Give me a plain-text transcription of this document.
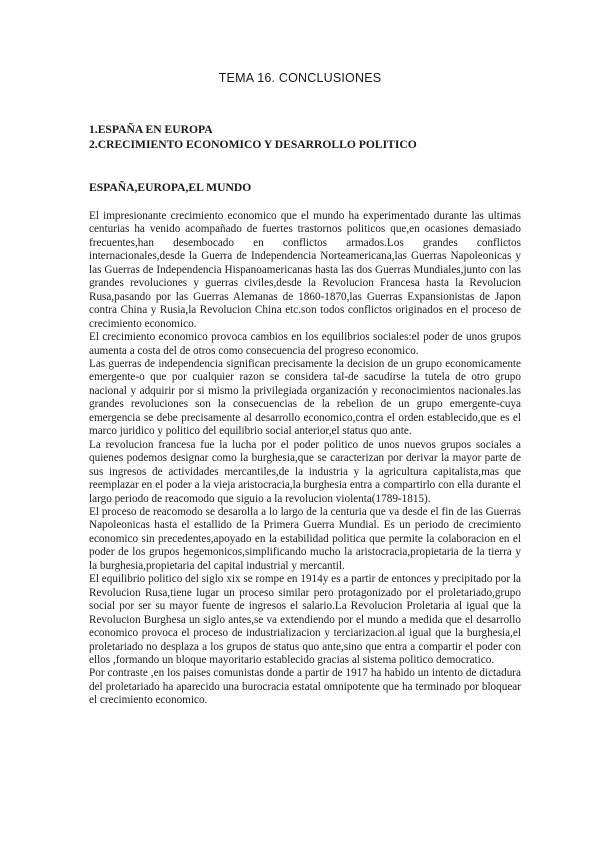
TEMA 16. CONCLUSIONES
1.ESPAÑA EN EUROPA
2.CRECIMIENTO ECONOMICO Y DESARROLLO POLITICO
ESPAÑA,EUROPA,EL MUNDO

El impresionante crecimiento economico que el mundo ha experimentado durante las ultimas centurias ha venido acompañado de fuertes trastornos politicos que,en ocasiones demasiado frecuentes,han desembocado en conflictos armados.Los grandes conflictos internacionales,desde la Guerra de Independencia Norteamericana,las Guerras Napoleonicas y las Guerras de Independencia Hispanoamericanas hasta las dos Guerras Mundiales,junto con las grandes revoluciones y guerras civiles,desde la Revolucion Francesa hasta la Revolucion Rusa,pasando por las Guerras Alemanas de 1860-1870,las Guerras Expansionistas de Japon contra China y Rusia,la Revolucion China etc.son todos conflictos originados en el proceso de crecimiento economico.

El crecimiento economico provoca cambios en los equilibrios sociales:el poder de unos grupos aumenta a costa del de otros como consecuencia del progreso economico.

Las guerras de independencia significan precisamente la decision de un grupo economicamente emergente-o que por cualquier razon se considera tal-de sacudirse la tutela de otro grupo nacional y adquirir por si mismo la privilegiada organización y reconocimientos nacionales.las grandes revoluciones son la consecuencias de la rebelion de un grupo emergente-cuya emergencia se debe precisamente al desarrollo economico,contra el orden establecido,que es el marco juridico y politico del equilibrio social anterior,el status quo ante.

La revolucion francesa fue la lucha por el poder politico de unos nuevos grupos sociales a quienes podemos designar como la burghesia,que se caracterizan por derivar la mayor parte de sus ingresos de actividades mercantiles,de la industria y la agricultura capitalista,mas que reemplazar en el poder a la vieja aristocracia,la burghesia entra a compartirlo con ella durante el largo periodo de reacomodo que siguio a la revolucion violenta(1789-1815).

El proceso de reacomodo se desarolla a lo largo de la centuria que va desde el fin de las Guerras Napoleonicas hasta el estallido de la Primera Guerra Mundial. Es un periodo de crecimiento economico sin precedentes,apoyado en la estabilidad politica que permite la colaboracion en el poder de los grupos hegemonicos,simplificando mucho la aristocracia,propietaria de la tierra y la burghesia,propietaria del capital industrial y mercantil.

El equilibrio politico del siglo xix se rompe en 1914y es a partir de entonces y precipitado por la Revolucion Rusa,tiene lugar un proceso similar pero protagonizado por el proletariado,grupo social por ser su mayor fuente de ingresos el salario.La Revolucion Proletaria al igual que la Revolucion Burghesa un siglo antes,se va extendiendo por el mundo a medida que el desarrollo economico provoca el proceso de industrializacion y terciarizacion.al igual que la burghesia,el proletariado no desplaza a los grupos de status quo ante,sino que entra a compartir el poder con ellos ,formando un bloque mayoritario establecido gracias al sistema politico democratico.

Por contraste ,en los paises comunistas donde a partir de 1917 ha habido un intento de dictadura del proletariado ha aparecido una burocracia estatal omnipotente que ha terminado por bloquear el crecimiento economico.
